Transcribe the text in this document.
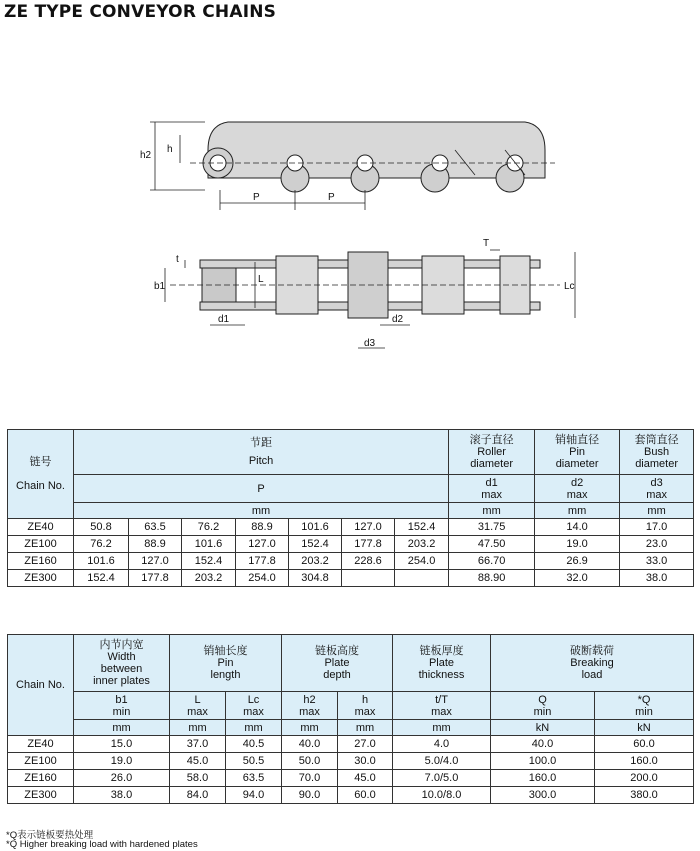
ZE TYPE CONVEYOR CHAINS
h2
h
P	P
b1
t
T
L
Lc
d1	d2
d3
链号
Chain No.	节距
Pitch							滚子直径
Roller
diameter	销轴直径
Pin
diameter	套筒直径
Bush
diameter

	P							d1
max	d2
max	d3
max

	mm							mm	mm	mm
ZE40	50.8	63.5	76.2	88.9	101.6	127.0	152.4	31.75	14.0	17.0
ZE100	76.2	88.9	101.6	127.0	152.4	177.8	203.2	47.50	19.0	23.0
ZE160	101.6	127.0	152.4	177.8	203.2	228.6	254.0	66.70	26.9	33.0
ZE300	152.4	177.8	203.2	254.0	304.8			88.90	32.0	38.0
Chain No.	内节内宽
Width
between
inner plates	销轴长度
Pin
length		链板高度
Plate
depth		链板厚度
Plate
thickness	破断载荷
Breaking
load	

	b1
min	L
max	Lc
max	h2
max	h
max	t/T
max	Q
min	*Q
min

	mm	mm	mm	mm	mm	mm	kN	kN
ZE40	15.0	37.0	40.5	40.0	27.0	4.0	40.0	60.0
ZE100	19.0	45.0	50.5	50.0	30.0	5.0/4.0	100.0	160.0
ZE160	26.0	58.0	63.5	70.0	45.0	7.0/5.0	160.0	200.0
ZE300	38.0	84.0	94.0	90.0	60.0	10.0/8.0	300.0	380.0
*Q表示链板要热处理
*Q Higher breaking load with hardened plates
